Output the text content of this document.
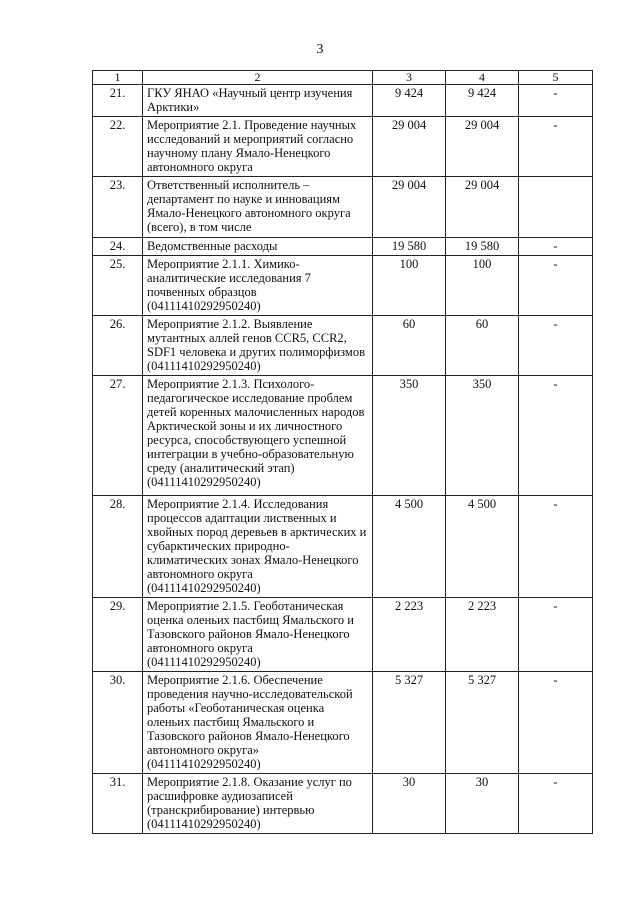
3
1	2	3	4	5
21.	ГКУ ЯНАО «Научный центр изучения Арктики»	9 424	9 424	-
22.	Мероприятие 2.1. Проведение научных исследований и мероприятий согласно научному плану Ямало-Ненецкого автономного округа	29 004	29 004	-
23.	Ответственный исполнитель – департамент по науке и инновациям Ямало-Ненецкого автономного округа (всего), в том числе	29 004	29 004	
24.	Ведомственные расходы	19 580	19 580	-
25.	Мероприятие 2.1.1. Химико-аналитические исследования 7 почвенных образцов (04111410292950240)	100	100	-
26.	Мероприятие 2.1.2. Выявление мутантных аллей генов CCR5, CCR2, SDF1 человека и других полиморфизмов (04111410292950240)	60	60	-
27.	Мероприятие 2.1.3. Психолого-педагогическое исследование проблем детей коренных малочисленных народов Арктической зоны и их личностного ресурса, способствующего успешной интеграции в учебно-образовательную среду (аналитический этап) (04111410292950240)	350	350	-
28.	Мероприятие 2.1.4. Исследования процессов адаптации лиственных и хвойных пород деревьев в арктических и субарктических природно-климатических зонах Ямало-Ненецкого автономного округа (04111410292950240)	4 500	4 500	-
29.	Мероприятие 2.1.5. Геоботаническая оценка оленьих пастбищ Ямальского и Тазовского районов Ямало-Ненецкого автономного округа (04111410292950240)	2 223	2 223	-
30.	Мероприятие 2.1.6. Обеспечение проведения научно-исследовательской работы «Геоботаническая оценка оленьих пастбищ Ямальского и Тазовского районов Ямало-Ненецкого автономного округа» (04111410292950240)	5 327	5 327	-
31.	Мероприятие 2.1.8. Оказание услуг по расшифровке аудиозаписей (транскрибирование) интервью (04111410292950240)	30	30	-
